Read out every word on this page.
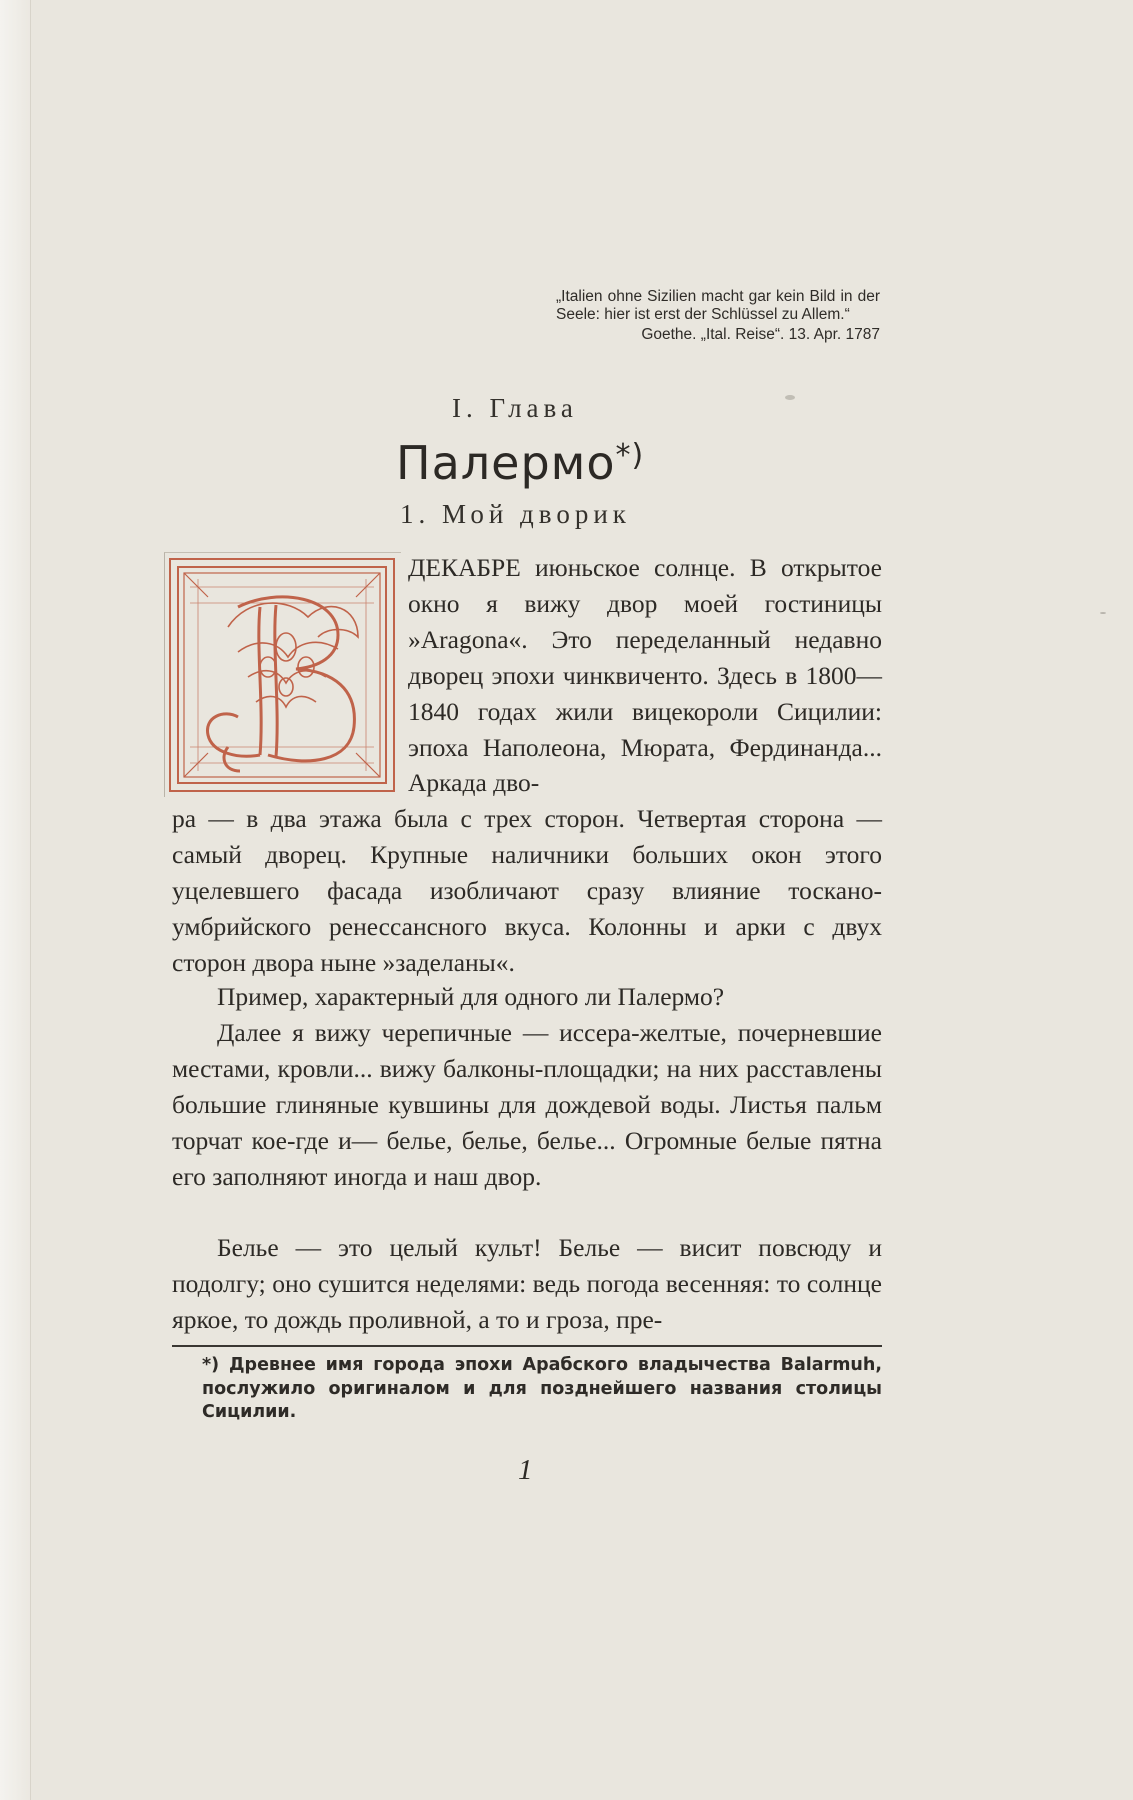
„Italien ohne Sizilien macht gar kein Bild in der Seele: hier ist erst der Schlüssel zu Allem.“
Goethe. „Ital. Reise“. 13. Apr. 1787
I. Глава
Палермо*)
1. Мой дворик
ДЕКАБРЕ июньское солнце. В открытое окно я вижу двор моей гостиницы »Aragona«. Это переделанный недавно дворец эпохи чинквиченто. Здесь в 1800—1840 годах жили вицекороли Сицилии: эпоха Наполеона, Мюрата, Фердинанда... Аркада дво-
ра — в два этажа была с трех сторон. Четвертая сторона — самый дворец. Крупные наличники больших окон этого уцелевшего фасада изобличают сразу влияние тоскано-умбрийского ренессансного вкуса. Колонны и арки с двух сторон двора ныне »заделаны«.
Пример, характерный для одного ли Палермо?
Далее я вижу черепичные — иссера-желтые, почерневшие местами, кровли... вижу балконы-площадки; на них расставлены большие глиняные кувшины для дождевой воды. Листья пальм торчат кое-где и— белье, белье, белье... Огромные белые пятна его заполняют иногда и наш двор.
Белье — это целый культ! Белье — висит повсюду и подолгу; оно сушится неделями: ведь погода весенняя: то солнце яркое, то дождь проливной, а то и гроза, пре-
*) Древнее имя города эпохи Арабского владычества Balarmuh, послужило оригиналом и для позднейшего названия столицы Сицилии.
1
